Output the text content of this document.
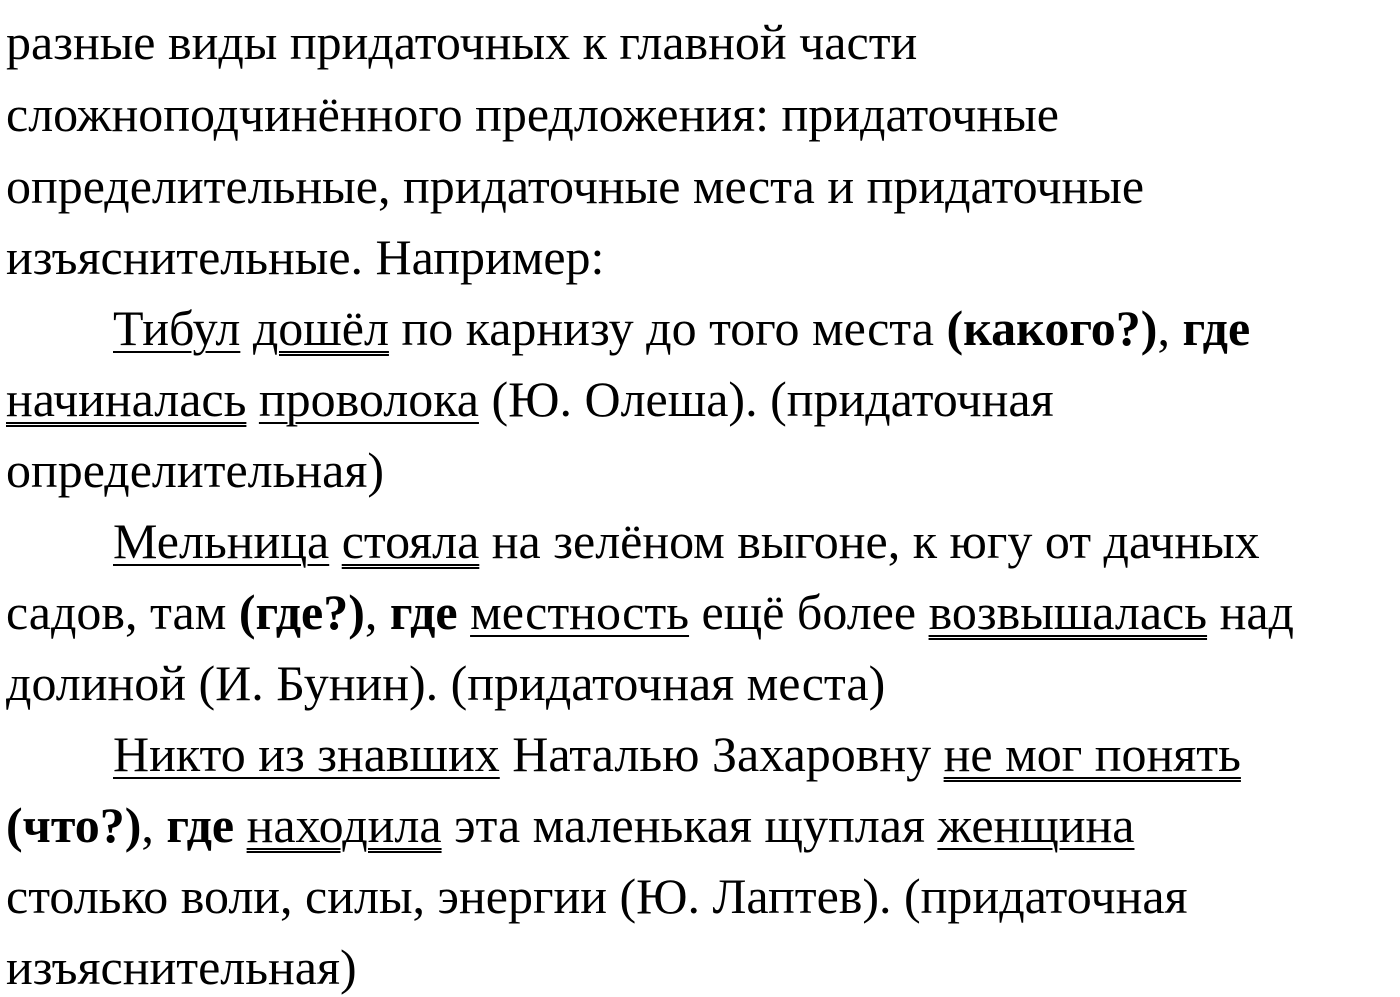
разные виды придаточных к главной части
сложноподчинённого предложения: придаточные
определительные, придаточные места и придаточные
изъяснительные. Например:
Тибул дошёл по карнизу до того места (какого?), где
начиналась проволока (Ю. Олеша). (придаточная
определительная)
Мельница стояла на зелёном выгоне, к югу от дачных
садов, там (где?), где местность ещё более возвышалась над
долиной (И. Бунин). (придаточная места)
Никто из знавших Наталью Захаровну не мог понять
(что?), где находила эта маленькая щуплая женщина
столько воли, силы, энергии (Ю. Лаптев). (придаточная
изъяснительная)
